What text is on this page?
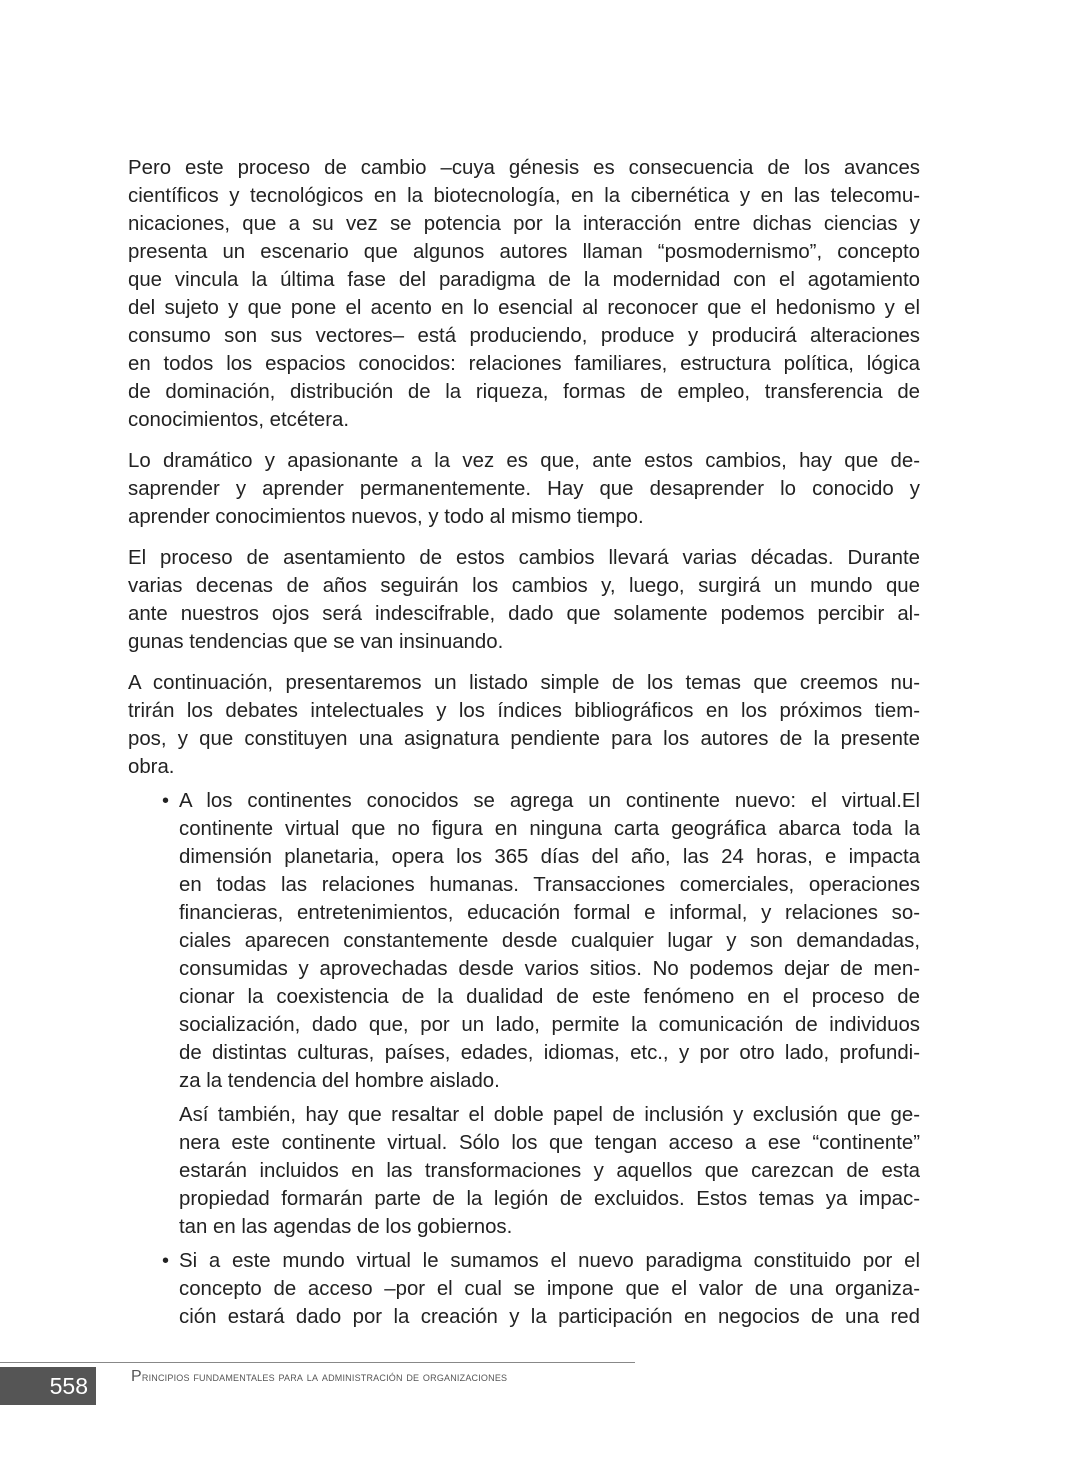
Pero este proceso de cambio –cuya génesis es consecuencia de los avances
científicos y tecnológicos en la biotecnología, en la cibernética y en las telecomu-
nicaciones, que a su vez se potencia por la interacción entre dichas ciencias y
presenta un escenario que algunos autores llaman “posmodernismo”, concepto
que vincula la última fase del paradigma de la modernidad con el agotamiento
del sujeto y que pone el acento en lo esencial al reconocer que el hedonismo y el
consumo son sus vectores– está produciendo, produce y producirá alteraciones
en todos los espacios conocidos: relaciones familiares, estructura política, lógica
de dominación, distribución de la riqueza, formas de empleo, transferencia de
conocimientos, etcétera.
Lo dramático y apasionante a la vez es que, ante estos cambios, hay que de-
saprender y aprender permanentemente. Hay que desaprender lo conocido y
aprender conocimientos nuevos, y todo al mismo tiempo.
El proceso de asentamiento de estos cambios llevará varias décadas. Durante
varias decenas de años seguirán los cambios y, luego, surgirá un mundo que
ante nuestros ojos será indescifrable, dado que solamente podemos percibir al-
gunas tendencias que se van insinuando.
A continuación, presentaremos un listado simple de los temas que creemos nu-
trirán los debates intelectuales y los índices bibliográficos en los próximos tiem-
pos, y que constituyen una asignatura pendiente para los autores de la presente
obra.
• A los continentes conocidos se agrega un continente nuevo: el virtual.El
continente virtual que no figura en ninguna carta geográfica abarca toda la
dimensión planetaria, opera los 365 días del año, las 24 horas, e impacta
en todas las relaciones humanas. Transacciones comerciales, operaciones
financieras, entretenimientos, educación formal e informal, y relaciones so-
ciales aparecen constantemente desde cualquier lugar y son demandadas,
consumidas y aprovechadas desde varios sitios. No podemos dejar de men-
cionar la coexistencia de la dualidad de este fenómeno en el proceso de
socialización, dado que, por un lado, permite la comunicación de individuos
de distintas culturas, países, edades, idiomas, etc., y por otro lado, profundi-
za la tendencia del hombre aislado.
Así también, hay que resaltar el doble papel de inclusión y exclusión que ge-
nera este continente virtual. Sólo los que tengan acceso a ese “continente”
estarán incluidos en las transformaciones y aquellos que carezcan de esta
propiedad formarán parte de la legión de excluidos. Estos temas ya impac-
tan en las agendas de los gobiernos.
• Si a este mundo virtual le sumamos el nuevo paradigma constituido por el
concepto de acceso –por el cual se impone que el valor de una organiza-
ción estará dado por la creación y la participación en negocios de una red
558	Principios fundamentales para la administración de organizaciones
